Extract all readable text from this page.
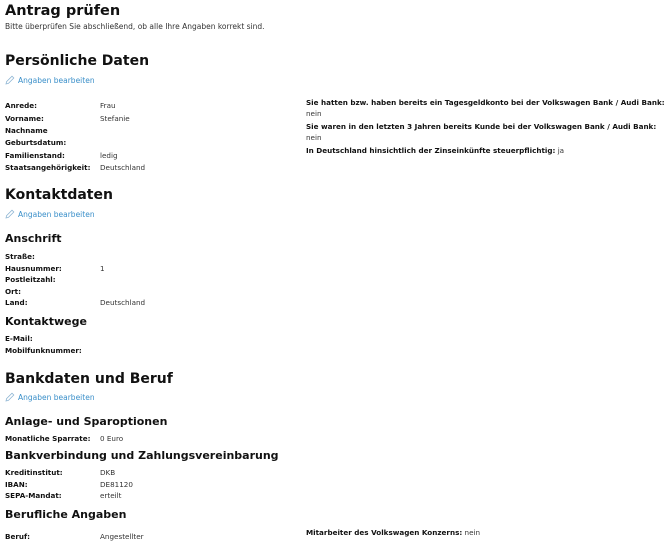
Antrag prüfen
Bitte überprüfen Sie abschließend, ob alle Ihre Angaben korrekt sind.
Persönliche Daten
Angaben bearbeiten
Anrede:	Frau
Vorname:	Stefanie
Nachname
Geburtsdatum:
Familienstand:	ledig
Staatsangehörigkeit: Deutschland
Sie hatten bzw. haben bereits ein Tagesgeldkonto bei der Volkswagen Bank / Audi Bank:
nein
Sie waren in den letzten 3 Jahren bereits Kunde bei der Volkswagen Bank / Audi Bank:
nein
In Deutschland hinsichtlich der Zinseinkünfte steuerpflichtig: ja
Kontaktdaten
Angaben bearbeiten
Anschrift
Straße:
Hausnummer:	1
Postleitzahl:
Ort:
Land:	Deutschland
Kontaktwege
E-Mail:
Mobilfunknummer:
Bankdaten und Beruf
Angaben bearbeiten
Anlage- und Sparoptionen
Monatliche Sparrate: 0 Euro
Bankverbindung und Zahlungsvereinbarung
Kreditinstitut:	DKB
IBAN:	DE81120
SEPA-Mandat:	erteilt
Berufliche Angaben
Beruf:	Angestellter	Mitarbeiter des Volkswagen Konzerns: nein
